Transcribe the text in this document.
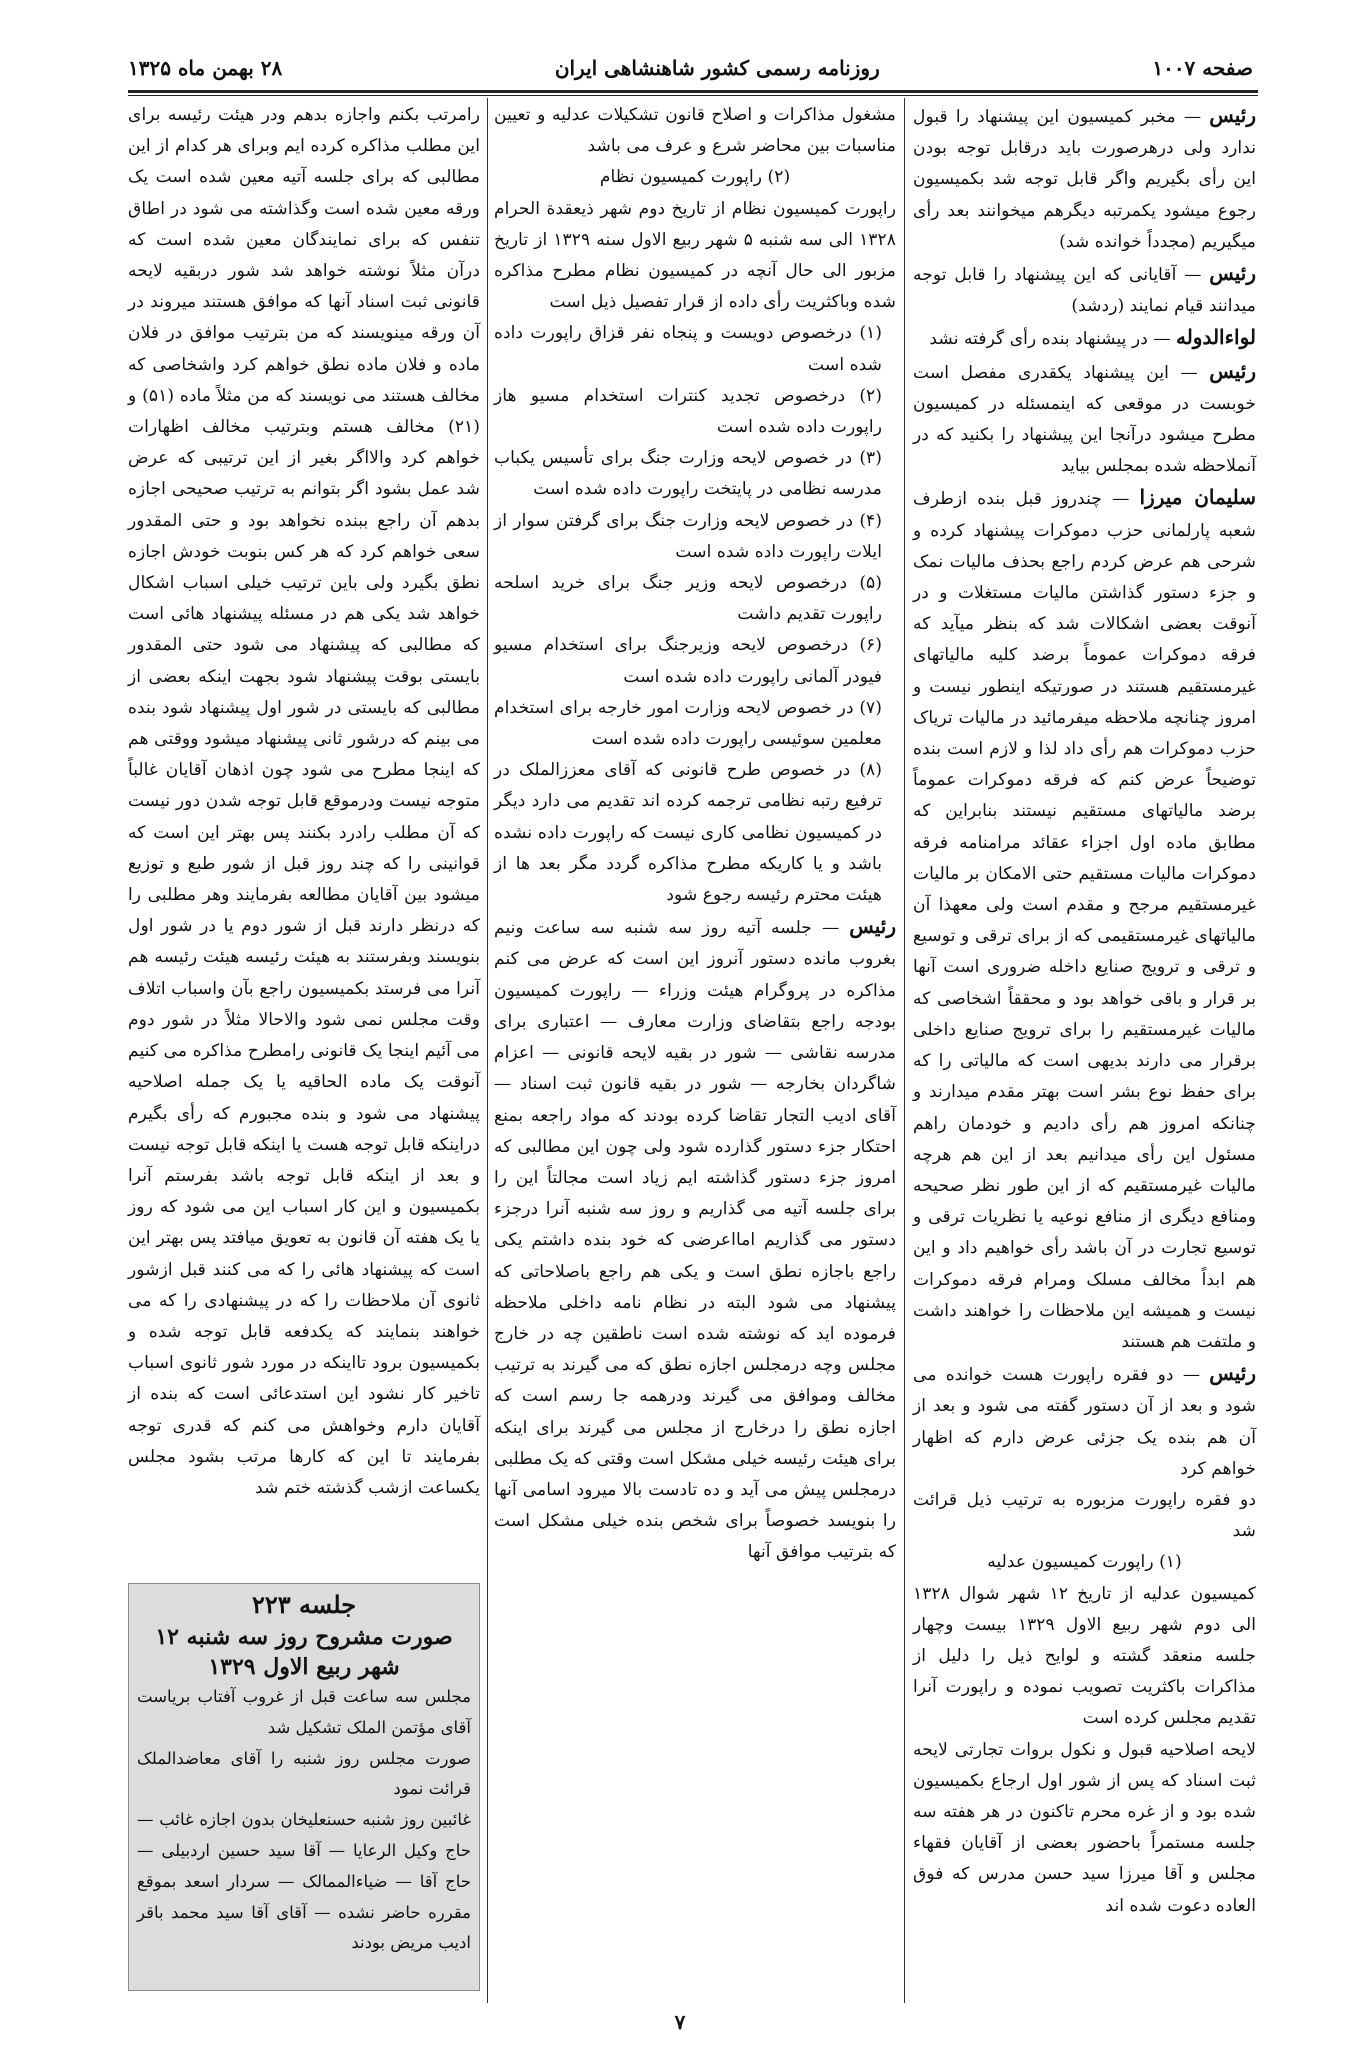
صفحه ۱۰۰۷
روزنامه رسمی کشور شاهنشاهی ایران
۲۸ بهمن ماه ۱۳۲۵

رئیس — مخبر کمیسیون این پیشنهاد را قبول ندارد ولی درهرصورت باید درقابل توجه بودن این رأی بگیریم واگر قابل توجه شد بکمیسیون رجوع میشود یکمرتبه دیگرهم میخوانند بعد رأی میگیریم (مجدداً خوانده شد)

رئیس — آقایانی که این پیشنهاد را قابل توجه میدانند قیام نمایند (ردشد)

لواءالدوله — در پیشنهاد بنده رأی گرفته نشد

رئیس — این پیشنهاد یکقدری مفصل است خوبست در موقعی که اینمسئله در کمیسیون مطرح میشود درآنجا این پیشنهاد را بکنید که در آنملاحظه شده بمجلس بیاید

سلیمان میرزا — چندروز قبل بنده ازطرف شعبه پارلمانی حزب دموکرات پیشنهاد کرده و شرحی هم عرض کردم راجع بحذف مالیات نمک و جزء دستور گذاشتن مالیات مستغلات و در آنوقت بعضی اشکالات شد که بنظر میآید که فرقه دموکرات عموماً برضد کلیه مالیاتهای غیرمستقیم هستند در صورتیکه اینطور نیست و امروز چنانچه ملاحظه میفرمائید در مالیات تریاک حزب دموکرات هم رأی داد لذا و لازم است بنده توضیحاً عرض کنم که فرقه دموکرات عموماً برضد مالیاتهای مستقیم نیستند بنابراین که مطابق ماده اول اجزاء عقائد مرامنامه فرقه دموکرات مالیات مستقیم حتی الامکان بر مالیات غیرمستقیم مرجح و مقدم است ولی معهذا آن مالیاتهای غیرمستقیمی که از برای ترقی و توسیع و ترقی و ترویج صنایع داخله ضروری است آنها بر قرار و باقی خواهد بود و محققاً اشخاصی که مالیات غیرمستقیم را برای ترویج صنایع داخلی برقرار می دارند بدیهی است که مالیاتی را که برای حفظ نوع بشر است بهتر مقدم میدارند و چنانکه امروز هم رأی دادیم و خودمان راهم مسئول این رأی میدانیم بعد از این هم هرچه مالیات غیرمستقیم که از این طور نظر صحیحه ومنافع دیگری از منافع نوعیه یا نظریات ترقی و توسیع تجارت در آن باشد رأی خواهیم داد و این هم ابداً مخالف مسلک ومرام فرقه دموکرات نیست و همیشه این ملاحظات را خواهند داشت و ملتفت هم هستند

رئیس — دو فقره راپورت هست خوانده می شود و بعد از آن دستور گفته می شود و بعد از آن هم بنده یک جزئی عرض دارم که اظهار خواهم کرد

دو فقره راپورت مزبوره به ترتیب ذیل قرائت شد

(۱) راپورت کمیسیون عدلیه

کمیسیون عدلیه از تاریخ ۱۲ شهر شوال ۱۳۲۸ الی دوم شهر ربیع الاول ۱۳۲۹ بیست وچهار جلسه منعقد گشته و لوایح ذیل را دلیل از مذاکرات باکثریت تصویب نموده و راپورت آنرا تقدیم مجلس کرده است

لایحه اصلاحیه قبول و نکول بروات تجارتی لایحه ثبت اسناد که پس از شور اول ارجاع بکمیسیون شده بود و از غره محرم تاکنون در هر هفته سه جلسه مستمراً باحضور بعضی از آقایان فقهاء مجلس و آقا میرزا سید حسن مدرس که فوق العاده دعوت شده اند

مشغول مذاکرات و اصلاح قانون تشکیلات عدلیه و تعیین مناسبات بین محاضر شرع و عرف می باشد

(۲) راپورت کمیسیون نظام

راپورت کمیسیون نظام از تاریخ دوم شهر ذیعقدة الحرام ۱۳۲۸ الی سه شنبه ۵ شهر ربیع الاول سنه ۱۳۲۹ از تاریخ مزبور الی حال آنچه در کمیسیون نظام مطرح مذاکره شده وباکثریت رأی داده از قرار تفصیل ذیل است

(۱) درخصوص دویست و پنجاه نفر قزاق راپورت داده شده است

(۲) درخصوص تجدید کنترات استخدام مسیو هاز راپورت داده شده است

(۳) در خصوص لایحه وزارت جنگ برای تأسیس یکباب مدرسه نظامی در پایتخت راپورت داده شده است

(۴) در خصوص لایحه وزارت جنگ برای گرفتن سوار از ایلات راپورت داده شده است

(۵) درخصوص لایحه وزیر جنگ برای خرید اسلحه راپورت تقدیم داشت

(۶) درخصوص لایحه وزیرجنگ برای استخدام مسیو فیودر آلمانی راپورت داده شده است

(۷) در خصوص لایحه وزارت امور خارجه برای استخدام معلمین سوئیسی راپورت داده شده است

(۸) در خصوص طرح قانونی که آقای معززالملک در ترفیع رتبه نظامی ترجمه کرده اند تقدیم می دارد دیگر در کمیسیون نظامی کاری نیست که راپورت داده نشده باشد و یا کاریکه مطرح مذاکره گردد مگر بعد ها از هیئت محترم رئیسه رجوع شود

رئیس — جلسه آتیه روز سه شنبه سه ساعت ونیم بغروب مانده دستور آنروز این است که عرض می کنم مذاکره در پروگرام هیئت وزراء — راپورت کمیسیون بودجه راجع بتقاضای وزارت معارف — اعتباری برای مدرسه نقاشی — شور در بقیه لایحه قانونی — اعزام شاگردان بخارجه — شور در بقیه قانون ثبت اسناد — آقای ادیب التجار تقاضا کرده بودند که مواد راجعه بمنع احتکار جزء دستور گذارده شود ولی چون این مطالبی که امروز جزء دستور گذاشته ایم زیاد است مجالتاً این را برای جلسه آتیه می گذاریم و روز سه شنبه آنرا درجزء دستور می گذاریم امااعرضی که خود بنده داشتم یکی راجع باجازه نطق است و یکی هم راجع باصلاحاتی که پیشنهاد می شود البته در نظام نامه داخلی ملاحظه فرموده اید که نوشته شده است ناطقین چه در خارج مجلس وچه درمجلس اجازه نطق که می گیرند به ترتیب مخالف وموافق می گیرند ودرهمه جا رسم است که اجازه نطق را درخارج از مجلس می گیرند برای اینکه برای هیئت رئیسه خیلی مشکل است وقتی که یک مطلبی درمجلس پیش می آید و ده تادست بالا میرود اسامی آنها را بنویسد خصوصاً برای شخص بنده خیلی مشکل است که بترتیب موافق آنها

رامرتب بکنم واجازه بدهم ودر هیئت رئیسه برای این مطلب مذاکره کرده ایم وبرای هر کدام از این مطالبی که برای جلسه آتیه معین شده است یک ورقه معین شده است وگذاشته می شود در اطاق تنفس که برای نمایندگان معین شده است که درآن مثلاً نوشته خواهد شد شور دربقیه لایحه قانونی ثبت اسناد آنها که موافق هستند میروند در آن ورقه مینویسند که من بترتیب موافق در فلان ماده و فلان ماده نطق خواهم کرد واشخاصی که مخالف هستند می نویسند که من مثلاً ماده (۵۱) و (۲۱) مخالف هستم وبترتیب مخالف اظهارات خواهم کرد والااگر بغیر از این ترتیبی که عرض شد عمل بشود اگر بتوانم به ترتیب صحیحی اجازه بدهم آن راجع ببنده نخواهد بود و حتی المقدور سعی خواهم کرد که هر کس بنوبت خودش اجازه نطق بگیرد ولی باین ترتیب خیلی اسباب اشکال خواهد شد یکی هم در مسئله پیشنهاد هائی است که مطالبی که پیشنهاد می شود حتی المقدور بایستی بوقت پیشنهاد شود بجهت اینکه بعضی از مطالبی که بایستی در شور اول پیشنهاد شود بنده می بینم که درشور ثانی پیشنهاد میشود ووقتی هم که اینجا مطرح می شود چون اذهان آقایان غالباً متوجه نیست ودرموقع قابل توجه شدن دور نیست که آن مطلب رادرد بکنند پس بهتر این است که قوانینی را که چند روز قبل از شور طبع و توزیع میشود بین آقایان مطالعه بفرمایند وهر مطلبی را که درنظر دارند قبل از شور دوم یا در شور اول بنویسند وبفرستند به هیئت رئیسه هیئت رئیسه هم آنرا می فرستد بکمیسیون راجع بآن واسباب اتلاف وقت مجلس نمی شود والاحالا مثلاً در شور دوم می آئیم اینجا یک قانونی رامطرح مذاکره می کنیم آنوقت یک ماده الحاقیه یا یک جمله اصلاحیه پیشنهاد می شود و بنده مجبورم که رأی بگیرم دراینکه قابل توجه هست یا اینکه قابل توجه نیست و بعد از اینکه قابل توجه باشد بفرستم آنرا بکمیسیون و این کار اسباب این می شود که روز یا یک هفته آن قانون به تعویق میافتد پس بهتر این است که پیشنهاد هائی را که می کنند قبل ازشور ثانوی آن ملاحظات را که در پیشنهادی را که می خواهند بنمایند که یکدفعه قابل توجه شده و بکمیسیون برود تااینکه در مورد شور ثانوی اسباب تاخیر کار نشود این استدعائی است که بنده از آقایان دارم وخواهش می کنم که قدری توجه بفرمایند تا این که کارها مرتب بشود مجلس یکساعت ازشب گذشته ختم شد

جلسه ۲۲۳

صورت مشروح روز سه شنبه ۱۲ شهر ربیع الاول ۱۳۲۹

مجلس سه ساعت قبل از غروب آفتاب بریاست آقای مؤتمن الملک تشکیل شد

صورت مجلس روز شنبه را آقای معاضدالملک قرائت نمود

غائبین روز شنبه حسنعلیخان بدون اجازه غائب — حاج وکیل الرعایا — آقا سید حسین اردبیلی — حاج آقا — ضیاءالممالک — سردار اسعد بموقع مقرره حاضر نشده — آقای آقا سید محمد باقر ادیب مریض بودند

۷
